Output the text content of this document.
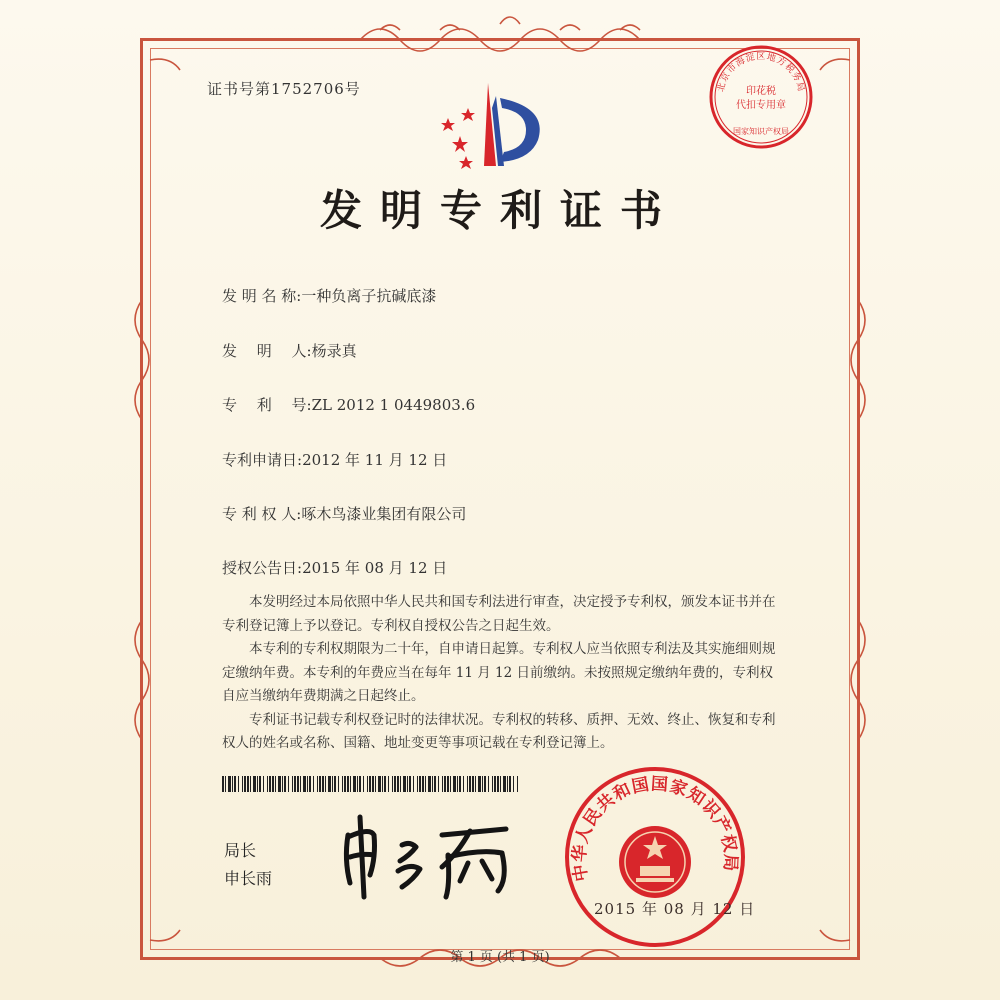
证书号第1752706号
发明专利证书
发 明 名 称:一种负离子抗碱底漆
发　 明　 人:杨录真
专　 利　 号:ZL 2012 1 0449803.6
专利申请日:2012 年 11 月 12 日
专 利 权 人:啄木鸟漆业集团有限公司
授权公告日:2015 年 08 月 12 日

本发明经过本局依照中华人民共和国专利法进行审查，决定授予专利权，颁发本证书并在专利登记簿上予以登记。专利权自授权公告之日起生效。

本专利的专利权期限为二十年，自申请日起算。专利权人应当依照专利法及其实施细则规定缴纳年费。本专利的年费应当在每年 11 月 12 日前缴纳。未按照规定缴纳年费的，专利权自应当缴纳年费期满之日起终止。

专利证书记载专利权登记时的法律状况。专利权的转移、质押、无效、终止、恢复和专利权人的姓名或名称、国籍、地址变更等事项记载在专利登记簿上。

局长
申长雨
北京市海淀区地方税务局
印花税
代扣专用章
国家知识产权局
中华人民共和国国家知识产权局
2015 年 08 月 12 日
第 1 页 (共 1 页)
